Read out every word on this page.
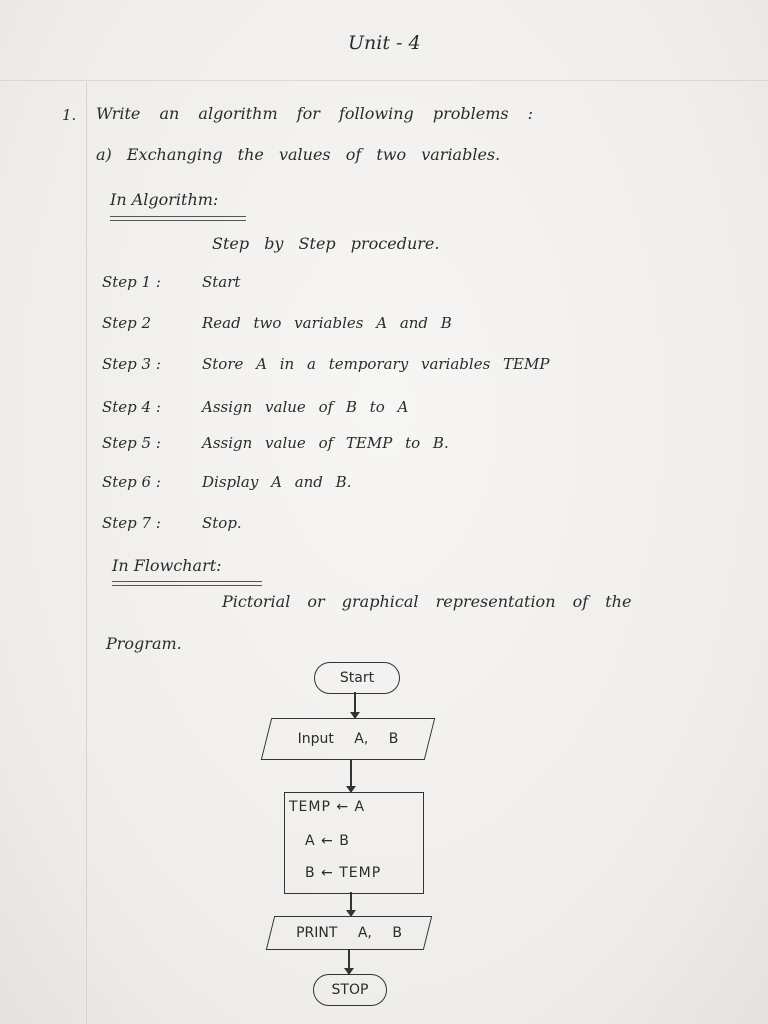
Unit - 4
1. Write an algorithm for following problems :
a) Exchanging the values of two variables.
In Algorithm:
Step by Step procedure.
Step 1 :	Start
Step 2	Read two variables A and B
Step 3 :	Store A in a temporary variables TEMP
Step 4 :	Assign value of B to A
Step 5 :	Assign value of TEMP to B.
Step 6 :	Display A and B.
Step 7 :	Stop.
In Flowchart:
Pictorial or graphical representation of the
Program.
Start
Input A, B
TEMP ← A
A ← B
B ← TEMP
PRINT A, B
STOP
